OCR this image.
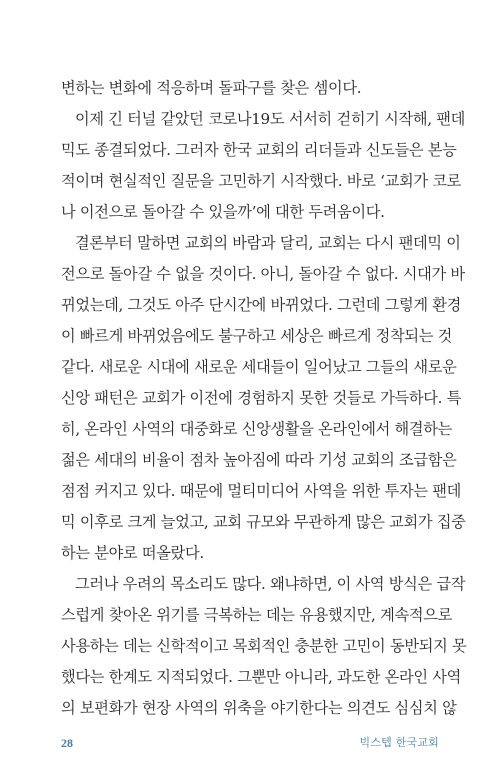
변하는 변화에 적응하며 돌파구를 찾은 셈이다.
이제 긴 터널 같았던 코로나19도 서서히 걷히기 시작해, 팬데
믹도 종결되었다. 그러자 한국 교회의 리더들과 신도들은 본능
적이며 현실적인 질문을 고민하기 시작했다. 바로 ‘교회가 코로
나 이전으로 돌아갈 수 있을까’에 대한 두려움이다.
결론부터 말하면 교회의 바람과 달리, 교회는 다시 팬데믹 이
전으로 돌아갈 수 없을 것이다. 아니, 돌아갈 수 없다. 시대가 바
뀌었는데, 그것도 아주 단시간에 바뀌었다. 그런데 그렇게 환경
이 빠르게 바뀌었음에도 불구하고 세상은 빠르게 정착되는 것
같다. 새로운 시대에 새로운 세대들이 일어났고 그들의 새로운
신앙 패턴은 교회가 이전에 경험하지 못한 것들로 가득하다. 특
히, 온라인 사역의 대중화로 신앙생활을 온라인에서 해결하는
젊은 세대의 비율이 점차 높아짐에 따라 기성 교회의 조급함은
점점 커지고 있다. 때문에 멀티미디어 사역을 위한 투자는 팬데
믹 이후로 크게 늘었고, 교회 규모와 무관하게 많은 교회가 집중
하는 분야로 떠올랐다.
그러나 우려의 목소리도 많다. 왜냐하면, 이 사역 방식은 급작
스럽게 찾아온 위기를 극복하는 데는 유용했지만, 계속적으로
사용하는 데는 신학적이고 목회적인 충분한 고민이 동반되지 못
했다는 한계도 지적되었다. 그뿐만 아니라, 과도한 온라인 사역
의 보편화가 현장 사역의 위축을 야기한다는 의견도 심심치 않
28	빅스텝 한국교회
